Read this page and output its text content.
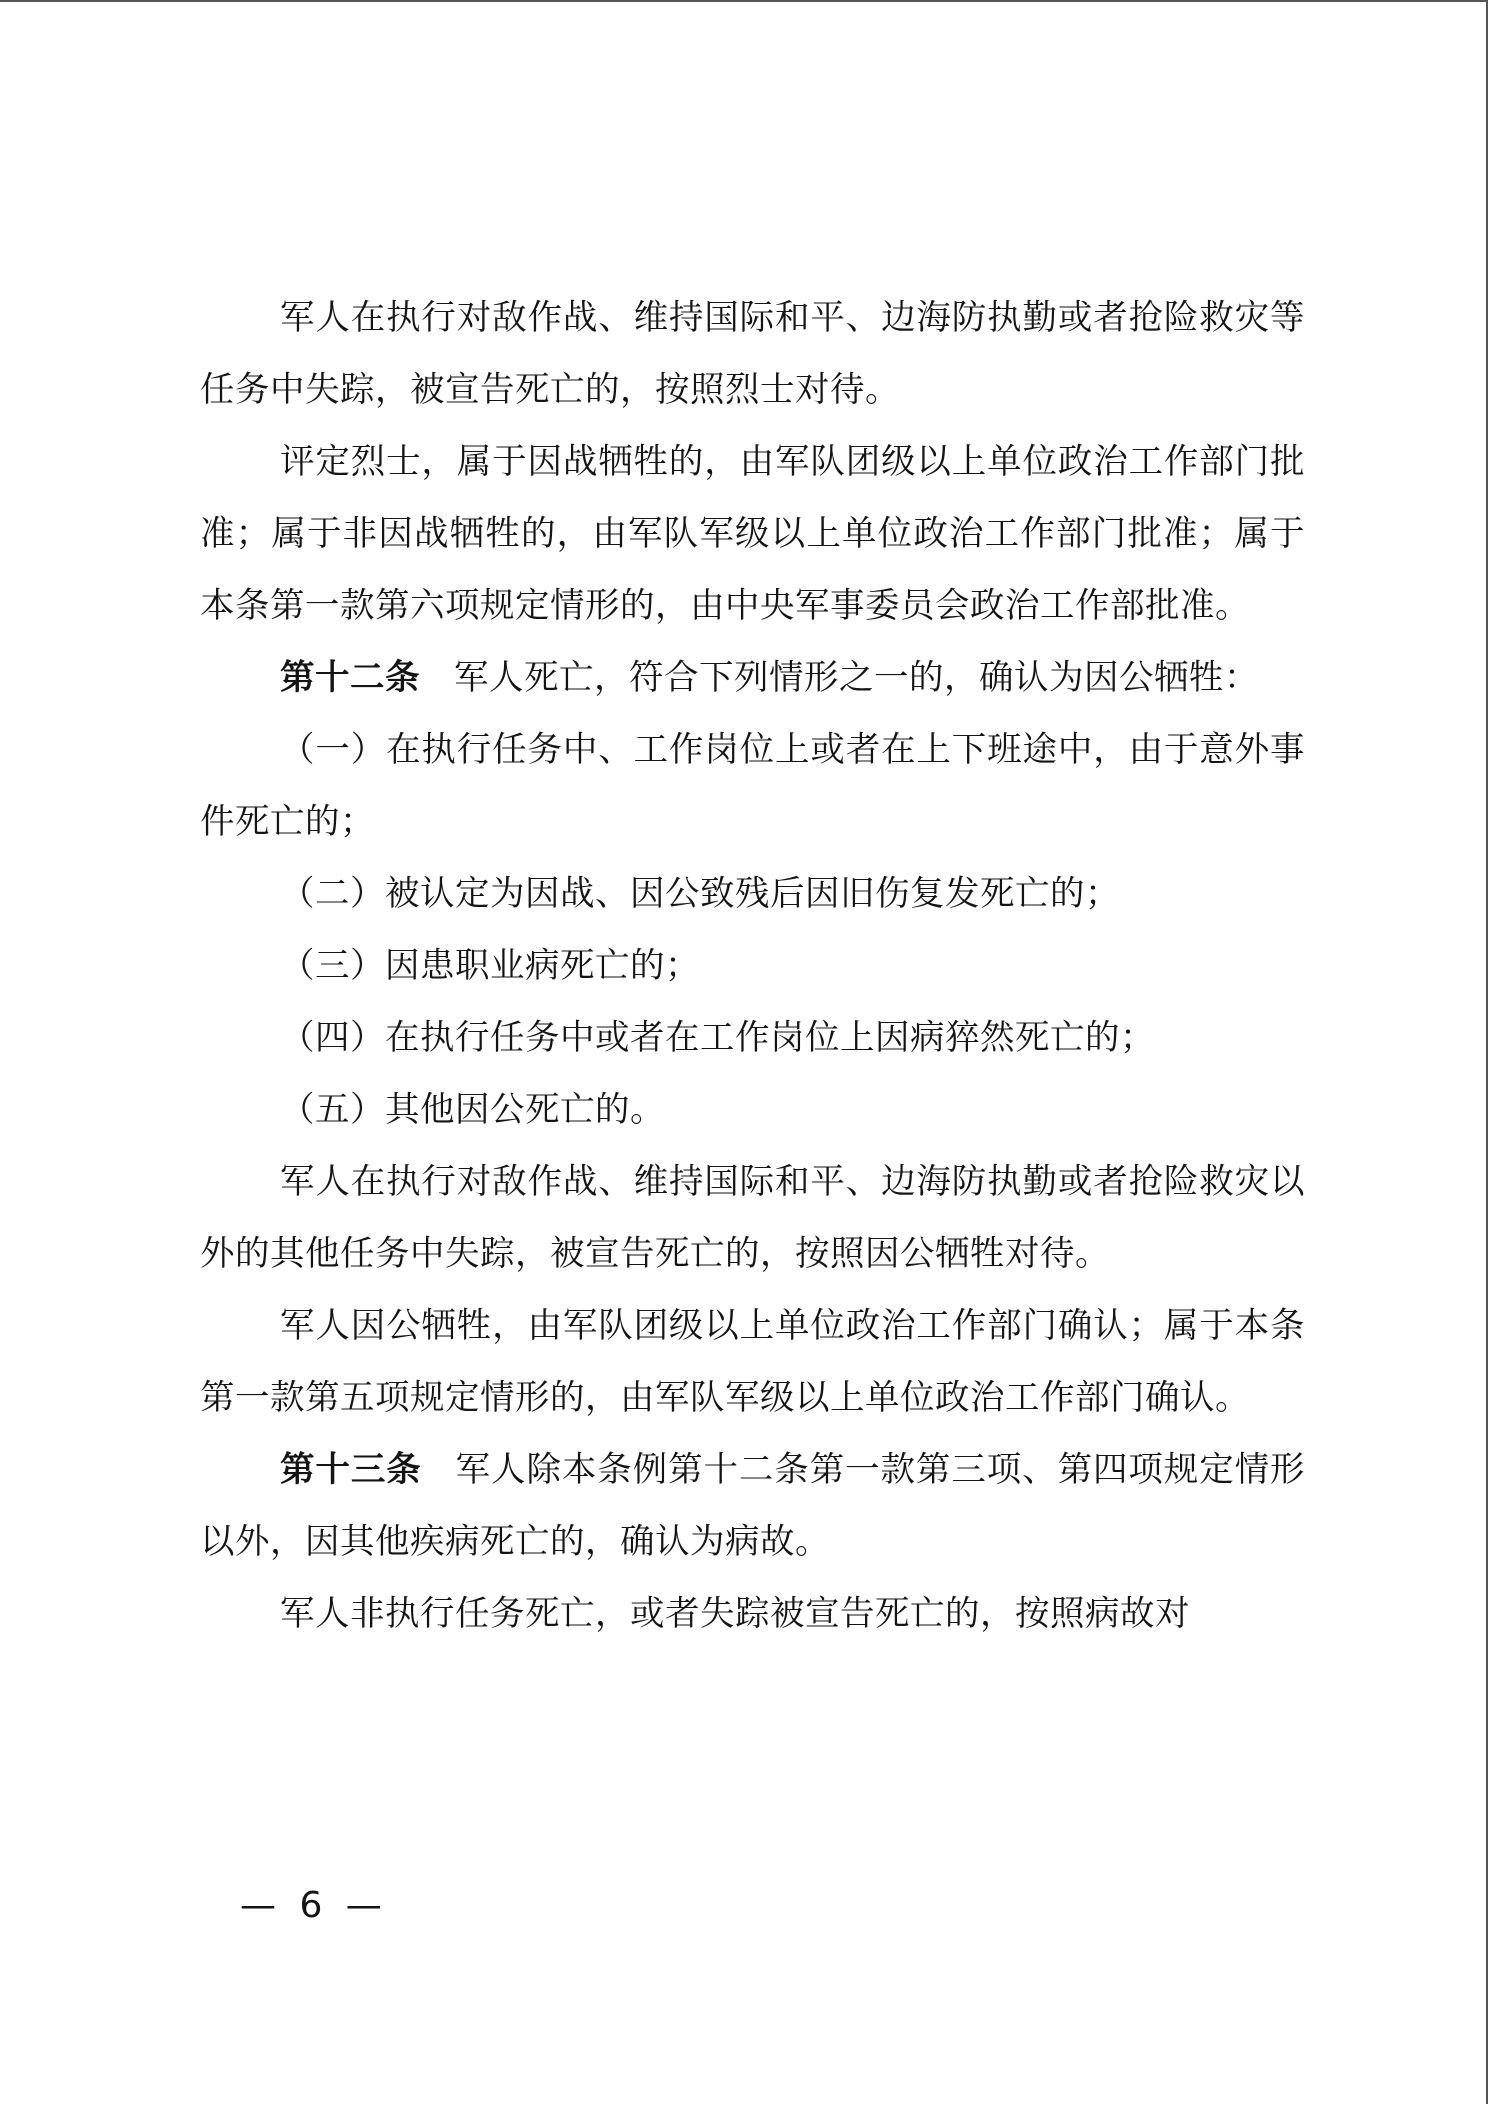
军人在执行对敌作战、维持国际和平、边海防执勤或者抢险救灾等任务中失踪，被宣告死亡的，按照烈士对待。

评定烈士，属于因战牺牲的，由军队团级以上单位政治工作部门批准；属于非因战牺牲的，由军队军级以上单位政治工作部门批准；属于本条第一款第六项规定情形的，由中央军事委员会政治工作部批准。

第十二条 军人死亡，符合下列情形之一的，确认为因公牺牲：

（一）在执行任务中、工作岗位上或者在上下班途中，由于意外事件死亡的；

（二）被认定为因战、因公致残后因旧伤复发死亡的；

（三）因患职业病死亡的；

（四）在执行任务中或者在工作岗位上因病猝然死亡的；

（五）其他因公死亡的。

军人在执行对敌作战、维持国际和平、边海防执勤或者抢险救灾以外的其他任务中失踪，被宣告死亡的，按照因公牺牲对待。

军人因公牺牲，由军队团级以上单位政治工作部门确认；属于本条第一款第五项规定情形的，由军队军级以上单位政治工作部门确认。

第十三条 军人除本条例第十二条第一款第三项、第四项规定情形以外，因其他疾病死亡的，确认为病故。

军人非执行任务死亡，或者失踪被宣告死亡的，按照病故对

— 6 —
